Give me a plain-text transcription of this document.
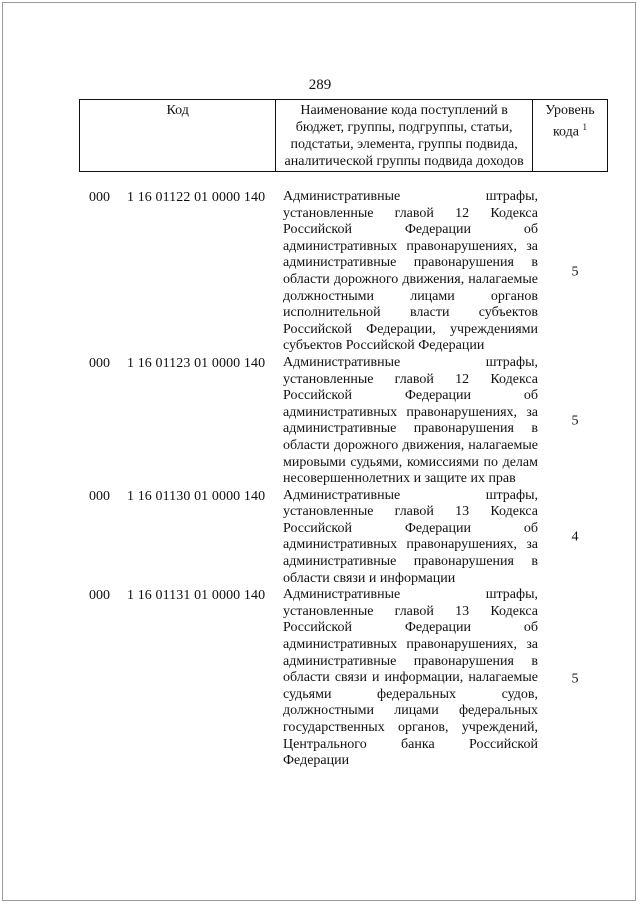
289
Код	Наименование кода поступлений в бюджет, группы, подгруппы, статьи, подстатьи, элемента, группы подвида, аналитической группы подвида доходов	Уровень кода $^1$
000 1 16 01122 01 0000 140 Административные штрафы, установленные главой 12 Кодекса Российской Федерации об административных правонарушениях, за административные правонарушения в области дорожного движения, налагаемые должностными лицами органов исполнительной власти субъектов Российской Федерации, учреждениями субъектов Российской Федерации
5
000 1 16 01123 01 0000 140 Административные штрафы, установленные главой 12 Кодекса Российской Федерации об административных правонарушениях, за административные правонарушения в области дорожного движения, налагаемые мировыми судьями, комиссиями по делам несовершеннолетних и защите их прав
5
000 1 16 01130 01 0000 140 Административные штрафы, установленные главой 13 Кодекса Российской Федерации об административных правонарушениях, за административные правонарушения в области связи и информации
4
000 1 16 01131 01 0000 140 Административные штрафы, установленные главой 13 Кодекса Российской Федерации об административных правонарушениях, за административные правонарушения в области связи и информации, налагаемые судьями федеральных судов, должностными лицами федеральных государственных органов, учреждений, Центрального банка Российской Федерации
5
